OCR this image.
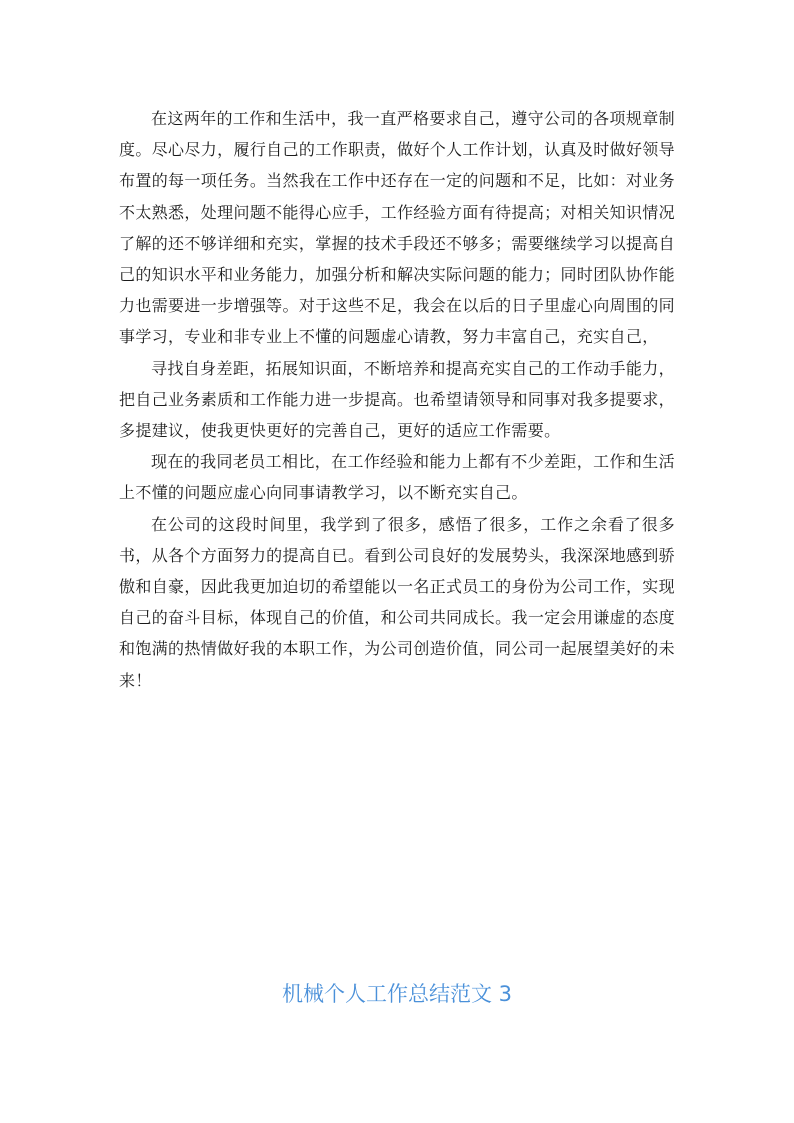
在这两年的工作和生活中，我一直严格要求自己，遵守公司的各项规章制度。尽心尽力，履行自己的工作职责，做好个人工作计划，认真及时做好领导布置的每一项任务。当然我在工作中还存在一定的问题和不足，比如：对业务不太熟悉，处理问题不能得心应手，工作经验方面有待提高；对相关知识情况了解的还不够详细和充实，掌握的技术手段还不够多；需要继续学习以提高自己的知识水平和业务能力，加强分析和解决实际问题的能力；同时团队协作能力也需要进一步增强等。对于这些不足，我会在以后的日子里虚心向周围的同事学习，专业和非专业上不懂的问题虚心请教，努力丰富自己，充实自己，

寻找自身差距，拓展知识面，不断培养和提高充实自己的工作动手能力，把自己业务素质和工作能力进一步提高。也希望请领导和同事对我多提要求，多提建议，使我更快更好的完善自己，更好的适应工作需要。

现在的我同老员工相比，在工作经验和能力上都有不少差距，工作和生活上不懂的问题应虚心向同事请教学习，以不断充实自己。

在公司的这段时间里，我学到了很多，感悟了很多，工作之余看了很多书，从各个方面努力的提高自已。看到公司良好的发展势头，我深深地感到骄傲和自豪，因此我更加迫切的希望能以一名正式员工的身份为公司工作，实现自己的奋斗目标，体现自己的价值，和公司共同成长。我一定会用谦虚的态度和饱满的热情做好我的本职工作，为公司创造价值，同公司一起展望美好的未来！

机械个人工作总结范文 3
